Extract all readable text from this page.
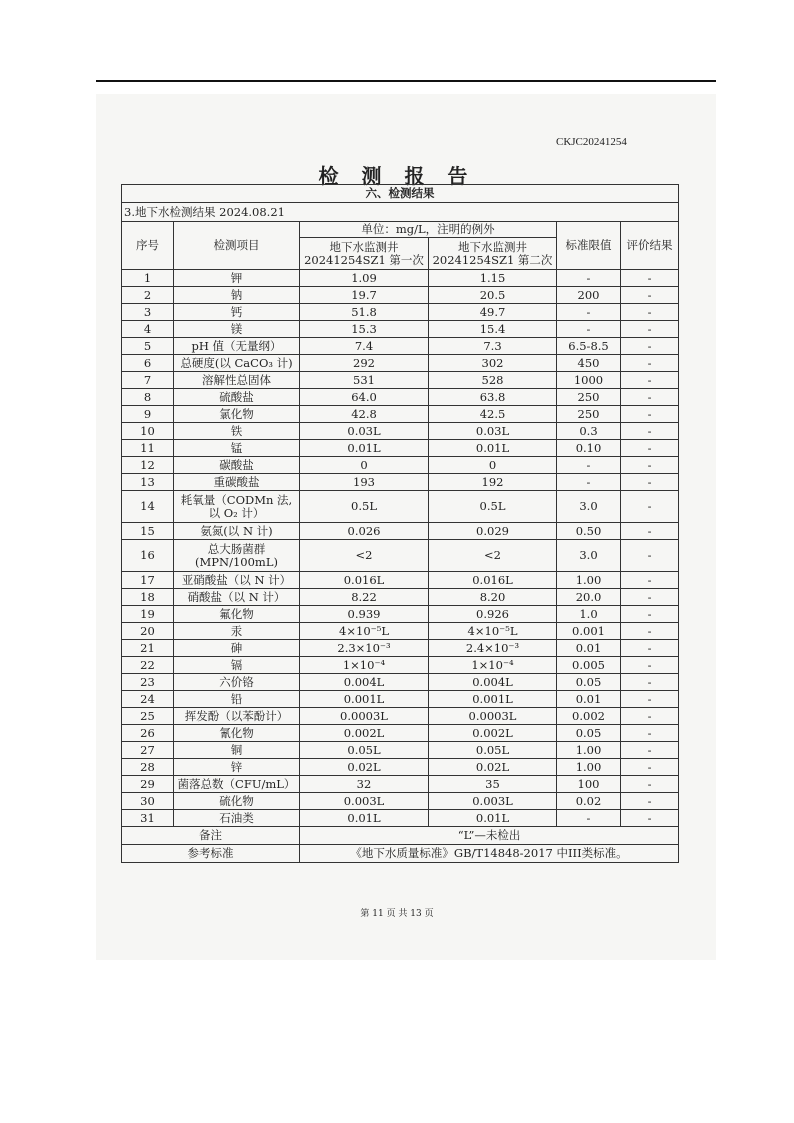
CKJC20241254
检 测 报 告
六、检测结果					
3.地下水检测结果 2024.08.21					
序号	检测项目	单位：mg/L，注明的例外		标准限值	评价结果
		地下水监测井 20241254SZ1 第一次	地下水监测井 20241254SZ1 第二次		
1	钾	1.09	1.15	-	-
2	钠	19.7	20.5	200	-
3	钙	51.8	49.7	-	-
4	镁	15.3	15.4	-	-
5	pH 值（无量纲）	7.4	7.3	6.5-8.5	-
6	总硬度(以 CaCO₃ 计)	292	302	450	-
7	溶解性总固体	531	528	1000	-
8	硫酸盐	64.0	63.8	250	-
9	氯化物	42.8	42.5	250	-
10	铁	0.03L	0.03L	0.3	-
11	锰	0.01L	0.01L	0.10	-
12	碳酸盐	0	0	-	-
13	重碳酸盐	193	192	-	-
14	耗氧量（CODMn 法, 以 O₂ 计）	0.5L	0.5L	3.0	-
15	氨氮(以 N 计)	0.026	0.029	0.50	-
16	总大肠菌群 (MPN/100mL)	<2	<2	3.0	-
17	亚硝酸盐（以 N 计）	0.016L	0.016L	1.00	-
18	硝酸盐（以 N 计）	8.22	8.20	20.0	-
19	氟化物	0.939	0.926	1.0	-
20	汞	4×10⁻⁵L	4×10⁻⁵L	0.001	-
21	砷	2.3×10⁻³	2.4×10⁻³	0.01	-
22	镉	1×10⁻⁴	1×10⁻⁴	0.005	-
23	六价铬	0.004L	0.004L	0.05	-
24	铅	0.001L	0.001L	0.01	-
25	挥发酚（以苯酚计）	0.0003L	0.0003L	0.002	-
26	氰化物	0.002L	0.002L	0.05	-
27	铜	0.05L	0.05L	1.00	-
28	锌	0.02L	0.02L	1.00	-
29	菌落总数（CFU/mL）	32	35	100	-
30	硫化物	0.003L	0.003L	0.02	-
31	石油类	0.01L	0.01L	-	-
备注		“L”—未检出			
参考标准		《地下水质量标准》GB/T14848-2017 中III类标准。			
第 11 页 共 13 页
